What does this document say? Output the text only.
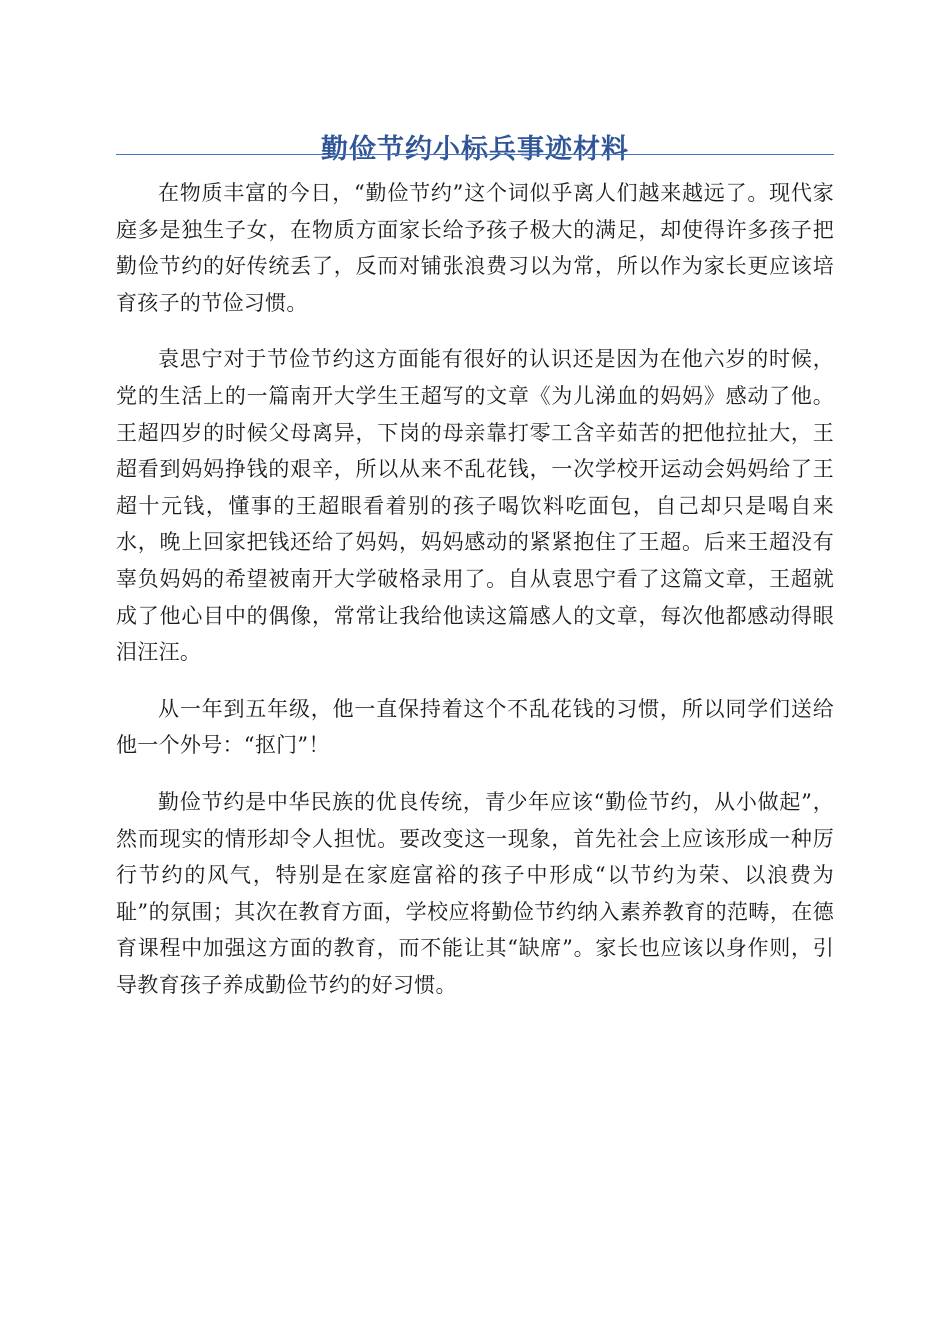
勤俭节约小标兵事迹材料

在物质丰富的今日，“勤俭节约”这个词似乎离人们越来越远了。现代家庭多是独生子女，在物质方面家长给予孩子极大的满足，却使得许多孩子把勤俭节约的好传统丢了，反而对铺张浪费习以为常，所以作为家长更应该培育孩子的节俭习惯。

袁思宁对于节俭节约这方面能有很好的认识还是因为在他六岁的时候，党的生活上的一篇南开大学生王超写的文章《为儿涕血的妈妈》感动了他。王超四岁的时候父母离异，下岗的母亲靠打零工含辛茹苦的把他拉扯大，王超看到妈妈挣钱的艰辛，所以从来不乱花钱，一次学校开运动会妈妈给了王超十元钱，懂事的王超眼看着别的孩子喝饮料吃面包，自己却只是喝自来水，晚上回家把钱还给了妈妈，妈妈感动的紧紧抱住了王超。后来王超没有辜负妈妈的希望被南开大学破格录用了。自从袁思宁看了这篇文章，王超就成了他心目中的偶像，常常让我给他读这篇感人的文章，每次他都感动得眼泪汪汪。

从一年到五年级，他一直保持着这个不乱花钱的习惯，所以同学们送给他一个外号：“抠门”！

勤俭节约是中华民族的优良传统，青少年应该“勤俭节约，从小做起”，然而现实的情形却令人担忧。要改变这一现象，首先社会上应该形成一种厉行节约的风气，特别是在家庭富裕的孩子中形成“以节约为荣、以浪费为耻”的氛围；其次在教育方面，学校应将勤俭节约纳入素养教育的范畴，在德育课程中加强这方面的教育，而不能让其“缺席”。家长也应该以身作则，引导教育孩子养成勤俭节约的好习惯。
